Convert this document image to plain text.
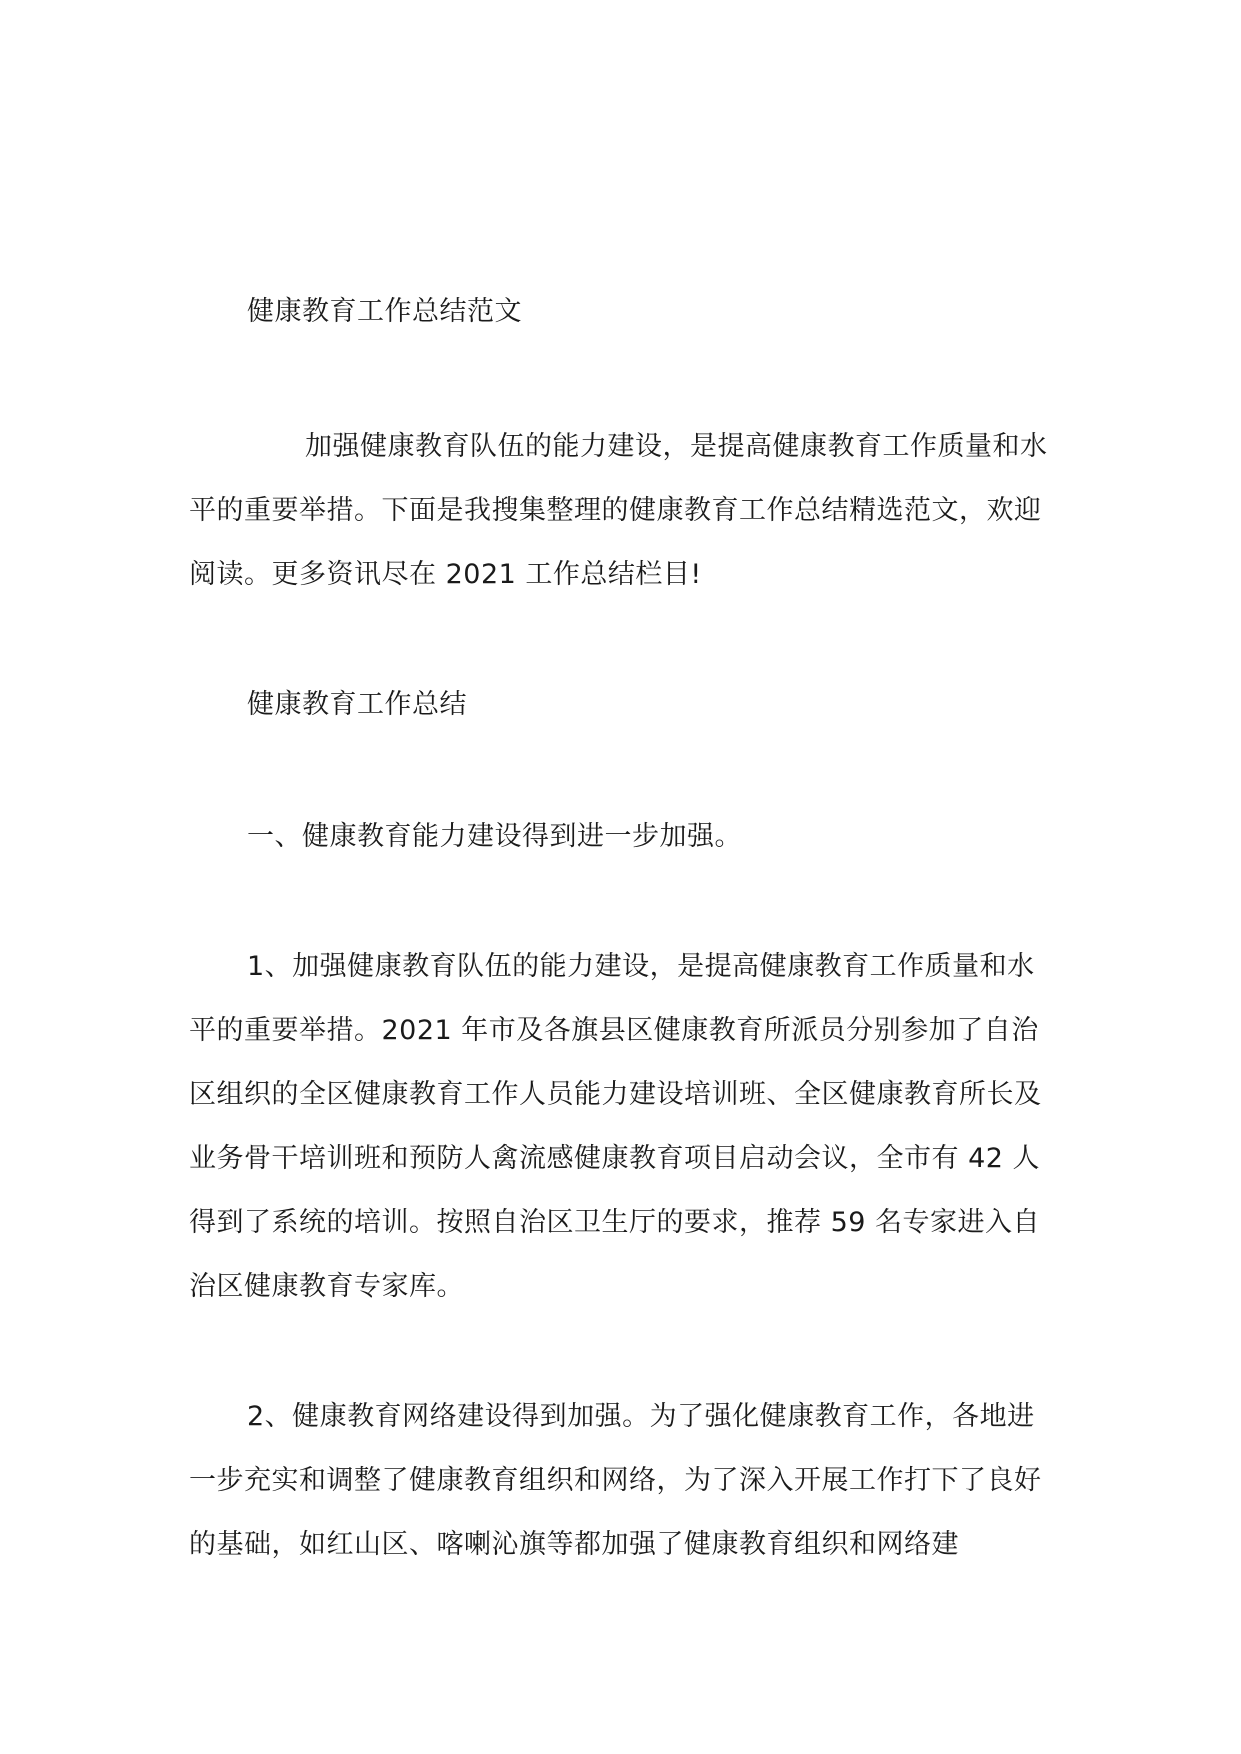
健康教育工作总结范文

加强健康教育队伍的能力建设，是提高健康教育工作质量和水平的重要举措。下面是我搜集整理的健康教育工作总结精选范文，欢迎阅读。更多资讯尽在 2021 工作总结栏目!

健康教育工作总结

一、健康教育能力建设得到进一步加强。

1、加强健康教育队伍的能力建设，是提高健康教育工作质量和水平的重要举措。2021 年市及各旗县区健康教育所派员分别参加了自治区组织的全区健康教育工作人员能力建设培训班、全区健康教育所长及业务骨干培训班和预防人禽流感健康教育项目启动会议，全市有 42 人得到了系统的培训。按照自治区卫生厅的要求，推荐 59 名专家进入自治区健康教育专家库。

2、健康教育网络建设得到加强。为了强化健康教育工作，各地进一步充实和调整了健康教育组织和网络，为了深入开展工作打下了良好的基础，如红山区、喀喇沁旗等都加强了健康教育组织和网络建
